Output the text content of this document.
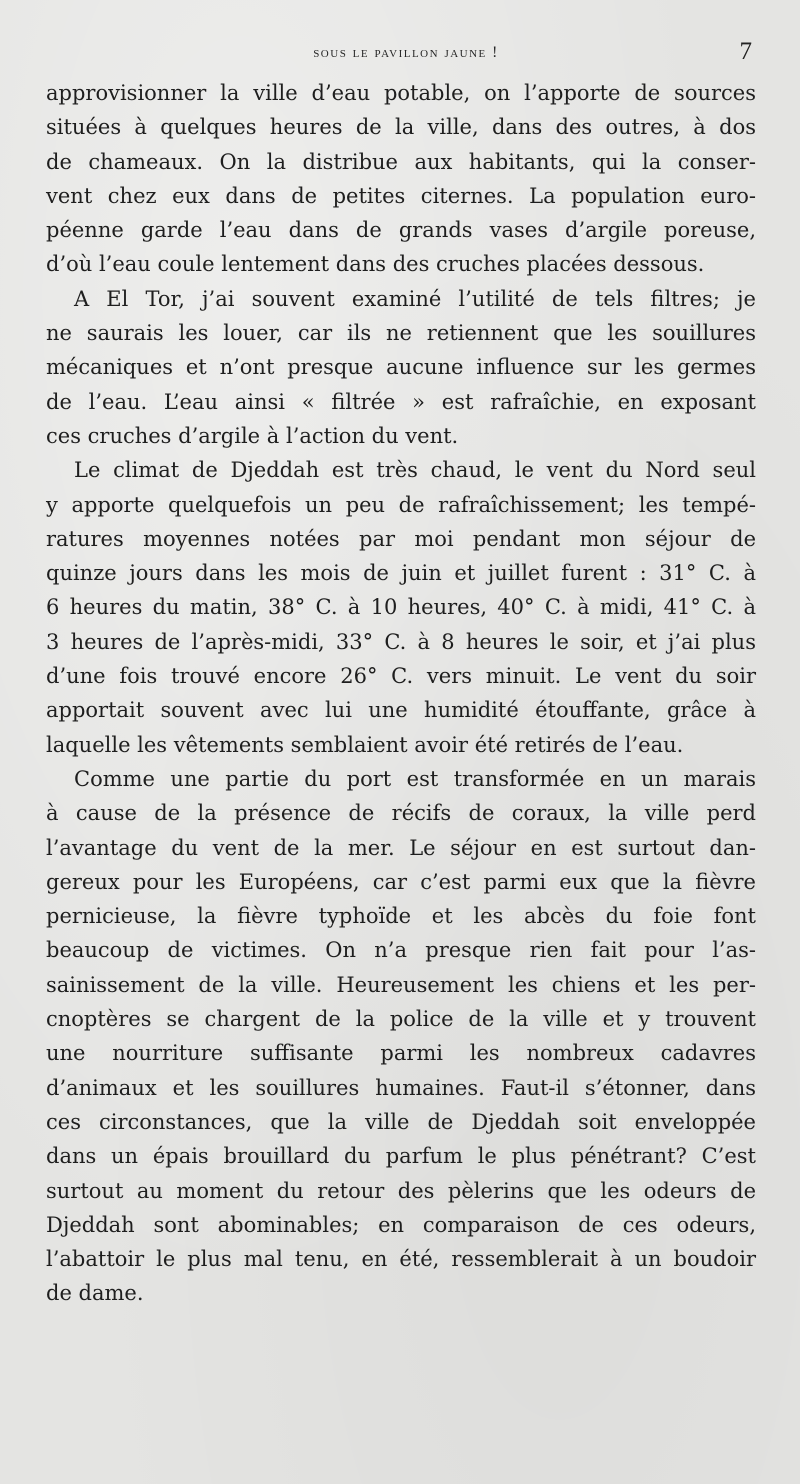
sous le pavillon jaune !	7
approvisionner la ville d’eau potable, on l’apporte de sources
situées à quelques heures de la ville, dans des outres, à dos
de chameaux. On la distribue aux habitants, qui la conser-
vent chez eux dans de petites citernes. La population euro-
péenne garde l’eau dans de grands vases d’argile poreuse,
d’où l’eau coule lentement dans des cruches placées dessous.
A El Tor, j’ai souvent examiné l’utilité de tels filtres; je
ne saurais les louer, car ils ne retiennent que les souillures
mécaniques et n’ont presque aucune influence sur les germes
de l’eau. L’eau ainsi « filtrée » est rafraîchie, en exposant
ces cruches d’argile à l’action du vent.
Le climat de Djeddah est très chaud, le vent du Nord seul
y apporte quelquefois un peu de rafraîchissement; les tempé-
ratures moyennes notées par moi pendant mon séjour de
quinze jours dans les mois de juin et juillet furent : 31° C. à
6 heures du matin, 38° C. à 10 heures, 40° C. à midi, 41° C. à
3 heures de l’après-midi, 33° C. à 8 heures le soir, et j’ai plus
d’une fois trouvé encore 26° C. vers minuit. Le vent du soir
apportait souvent avec lui une humidité étouffante, grâce à
laquelle les vêtements semblaient avoir été retirés de l’eau.
Comme une partie du port est transformée en un marais
à cause de la présence de récifs de coraux, la ville perd
l’avantage du vent de la mer. Le séjour en est surtout dan-
gereux pour les Européens, car c’est parmi eux que la fièvre
pernicieuse, la fièvre typhoïde et les abcès du foie font
beaucoup de victimes. On n’a presque rien fait pour l’as-
sainissement de la ville. Heureusement les chiens et les per-
cnoptères se chargent de la police de la ville et y trouvent
une nourriture suffisante parmi les nombreux cadavres
d’animaux et les souillures humaines. Faut-il s’étonner, dans
ces circonstances, que la ville de Djeddah soit enveloppée
dans un épais brouillard du parfum le plus pénétrant? C’est
surtout au moment du retour des pèlerins que les odeurs de
Djeddah sont abominables; en comparaison de ces odeurs,
l’abattoir le plus mal tenu, en été, ressemblerait à un boudoir
de dame.
